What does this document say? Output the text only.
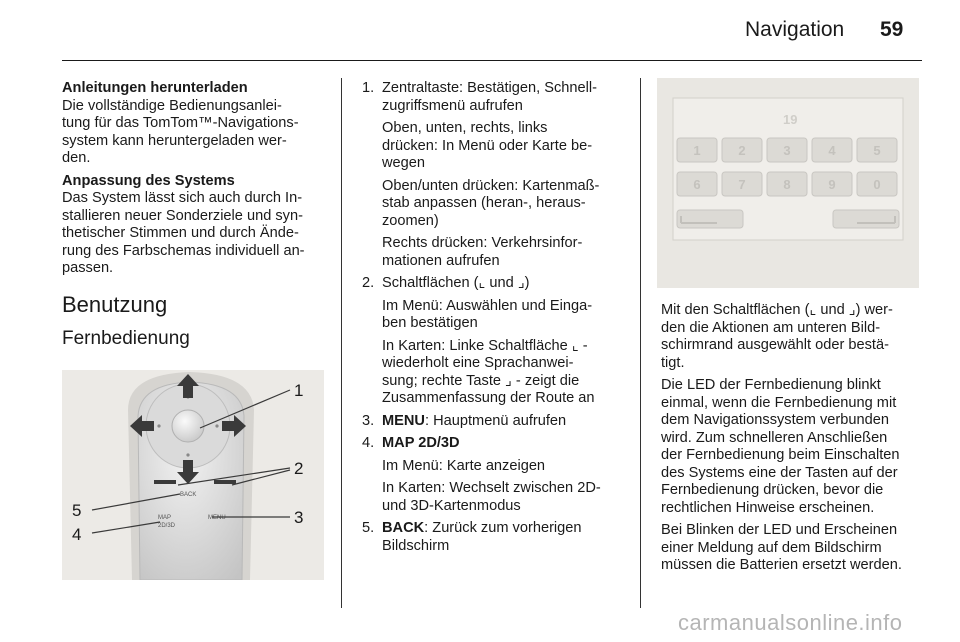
Navigation 59
Anleitungen herunterladen

Die vollständige Bedienungsanlei-
tung für das TomTom™-Navigations-
system kann heruntergeladen wer-
den.

Anpassung des Systems

Das System lässt sich auch durch In-
stallieren neuer Sonderziele und syn-
thetischer Stimmen und durch Ände-
rung des Farbschemas individuell an-
passen.

Benutzung
Fernbedienung
BACK
MENU
MAP
2D/3D
1
2
3
4
5
1. Zentraltaste: Bestätigen, Schnell-
zugriffsmenü aufrufen

Oben, unten, rechts, links
drücken: In Menü oder Karte be-
wegen

Oben/unten drücken: Kartenmaß-
stab anpassen (heran-, heraus-
zoomen)

Rechts drücken: Verkehrsinfor-
mationen aufrufen

2. Schaltflächen (⌞ und ⌟)

Im Menü: Auswählen und Einga-
ben bestätigen

In Karten: Linke Schaltfläche ⌞ -
wiederholt eine Sprachanwei-
sung; rechte Taste ⌟ - zeigt die
Zusammenfassung der Route an

3. MENU: Hauptmenü aufrufen

4. MAP 2D/3D

Im Menü: Karte anzeigen

In Karten: Wechselt zwischen 2D-
und 3D-Kartenmodus

5. BACK: Zurück zum vorherigen
Bildschirm

19
1	2	3	4	5
6	7	8	9	0

Mit den Schaltflächen (⌞ und ⌟) wer-
den die Aktionen am unteren Bild-
schirmrand ausgewählt oder bestä-
tigt.

Die LED der Fernbedienung blinkt
einmal, wenn die Fernbedienung mit
dem Navigationssystem verbunden
wird. Zum schnelleren Anschließen
der Fernbedienung beim Einschalten
des Systems eine der Tasten auf der
Fernbedienung drücken, bevor die
rechtlichen Hinweise erscheinen.

Bei Blinken der LED und Erscheinen
einer Meldung auf dem Bildschirm
müssen die Batterien ersetzt werden.

carmanualsonline.info
